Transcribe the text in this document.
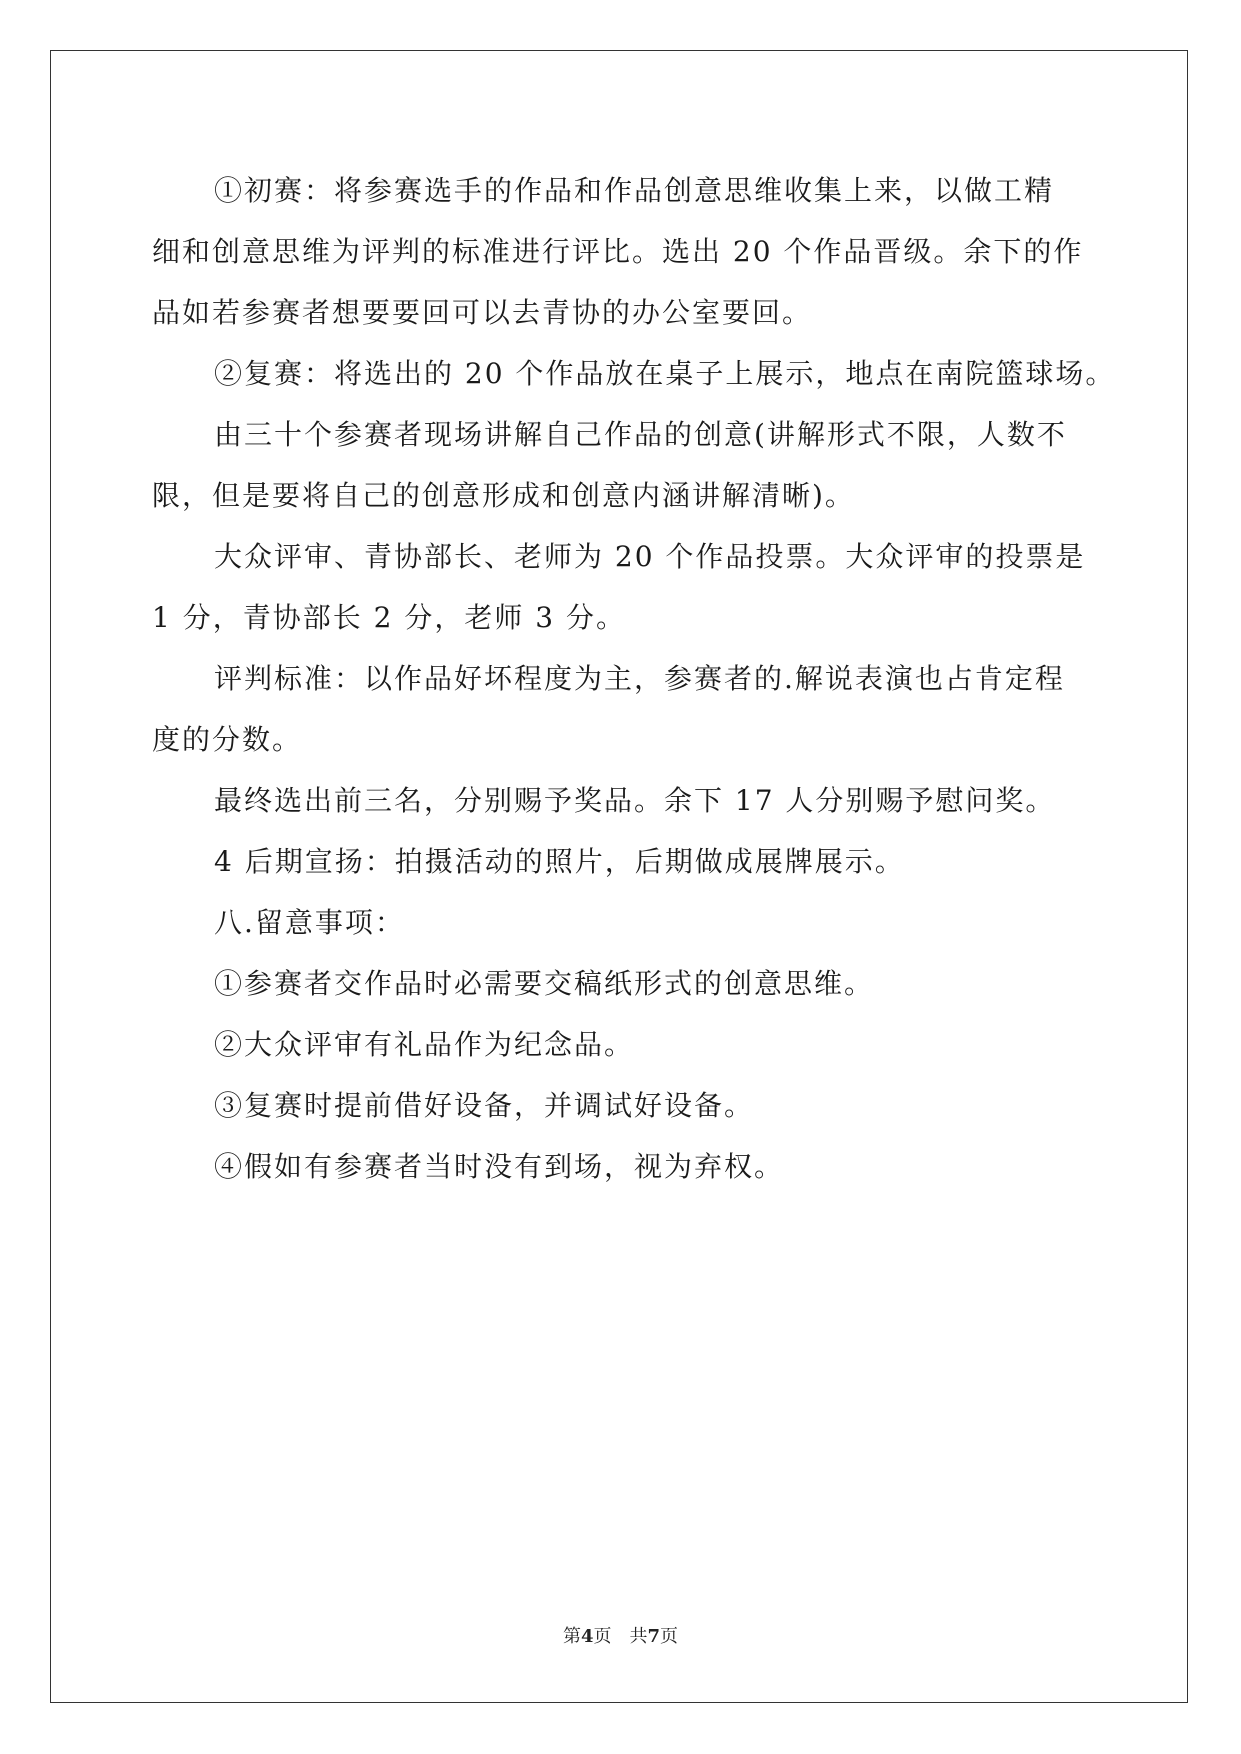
①初赛：将参赛选手的作品和作品创意思维收集上来，以做工精

细和创意思维为评判的标准进行评比。选出 20 个作品晋级。余下的作

品如若参赛者想要要回可以去青协的办公室要回。

②复赛：将选出的 20 个作品放在桌子上展示，地点在南院篮球场。

由三十个参赛者现场讲解自己作品的创意(讲解形式不限，人数不

限，但是要将自己的创意形成和创意内涵讲解清晰)。

大众评审、青协部长、老师为 20 个作品投票。大众评审的投票是

1 分，青协部长 2 分，老师 3 分。

评判标准：以作品好坏程度为主，参赛者的.解说表演也占肯定程

度的分数。

最终选出前三名，分别赐予奖品。余下 17 人分别赐予慰问奖。

4 后期宣扬：拍摄活动的照片，后期做成展牌展示。

八.留意事项：

①参赛者交作品时必需要交稿纸形式的创意思维。

②大众评审有礼品作为纪念品。

③复赛时提前借好设备，并调试好设备。

④假如有参赛者当时没有到场，视为弃权。

第4页　共7页
